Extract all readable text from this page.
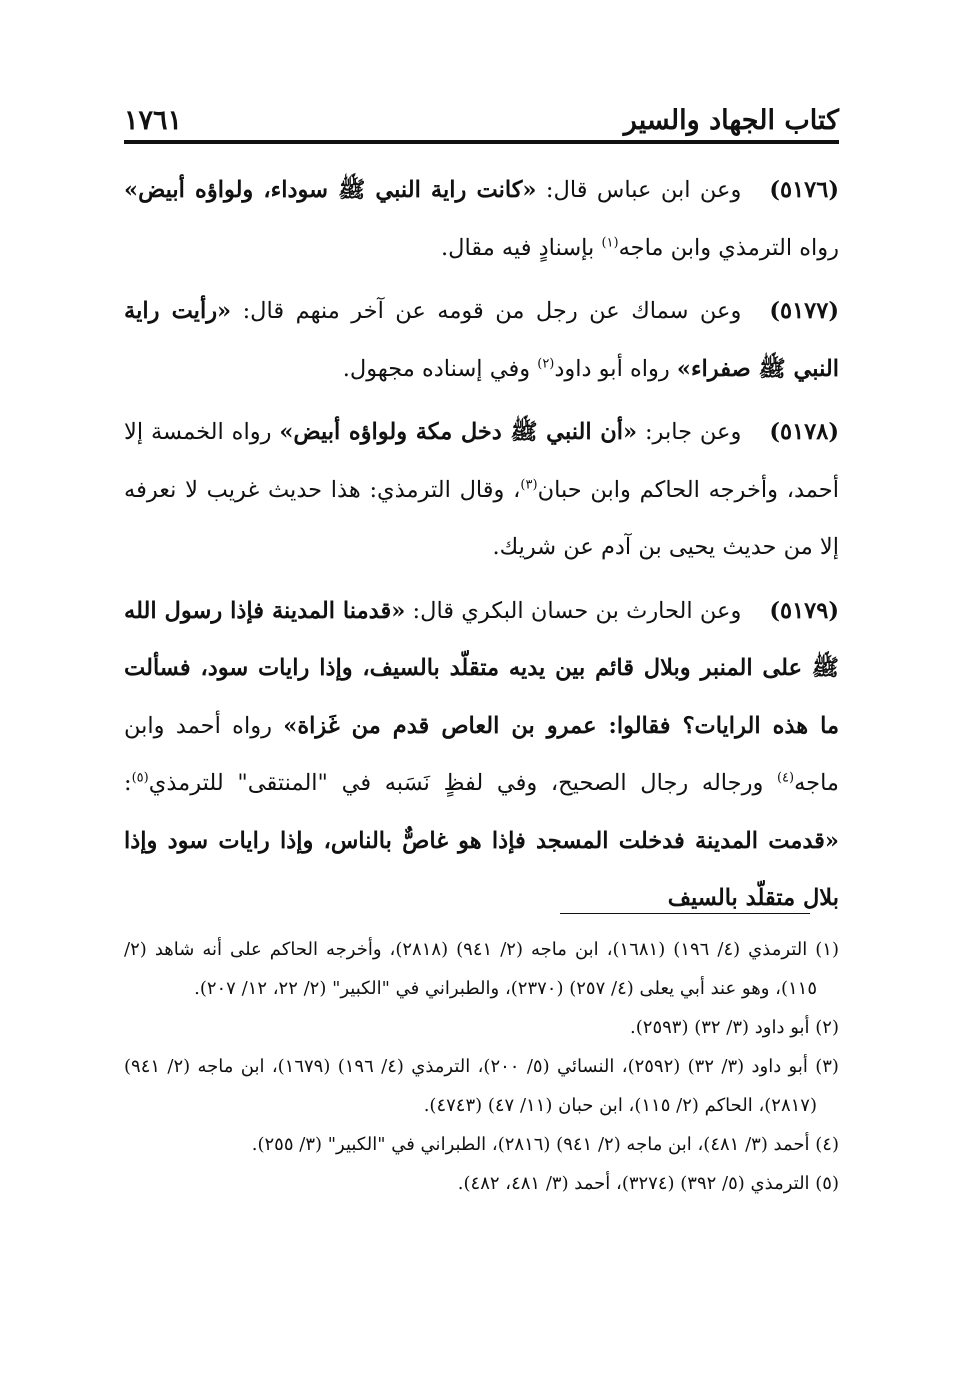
كتاب الجهاد والسير
١٧٦١

(٥١٧٦)وعن ابن عباس قال: «كانت راية النبي ﷺ سوداء، ولواؤه أبيض» رواه الترمذي وابن ماجه$^{(١)}$ بإسنادٍ فيه مقال.

(٥١٧٧)وعن سماك عن رجل من قومه عن آخر منهم قال: «رأيت راية النبي ﷺ صفراء» رواه أبو داود$^{(٢)}$ وفي إسناده مجهول.

(٥١٧٨)وعن جابر: «أن النبي ﷺ دخل مكة ولواؤه أبيض» رواه الخمسة إلا أحمد، وأخرجه الحاكم وابن حبان$^{(٣)}$، وقال الترمذي: هذا حديث غريب لا نعرفه إلا من حديث يحيى بن آدم عن شريك.

(٥١٧٩)وعن الحارث بن حسان البكري قال: «قدمنا المدينة فإذا رسول الله ﷺ على المنبر وبلال قائم بين يديه متقلّد بالسيف، وإذا رايات سود، فسألت ما هذه الرايات؟ فقالوا: عمرو بن العاص قدم من غَزاة» رواه أحمد وابن ماجه$^{(٤)}$ ورجاله رجال الصحيح، وفي لفظٍ نَسَبه في "المنتقى" للترمذي$^{(٥)}$: «قدمت المدينة فدخلت المسجد فإذا هو غاصٌّ بالناس، وإذا رايات سود وإذا بلال متقلّد بالسيف

(١) الترمذي (٤/ ١٩٦) (١٦٨١)، ابن ماجه (٢/ ٩٤١) (٢٨١٨)، وأخرجه الحاكم على أنه شاهد (٢/ ١١٥)، وهو عند أبي يعلى (٤/ ٢٥٧) (٢٣٧٠)، والطبراني في "الكبير" (٢/ ٢٢، ١٢/ ٢٠٧).

(٢) أبو داود (٣/ ٣٢) (٢٥٩٣).

(٣) أبو داود (٣/ ٣٢) (٢٥٩٢)، النسائي (٥/ ٢٠٠)، الترمذي (٤/ ١٩٦) (١٦٧٩)، ابن ماجه (٢/ ٩٤١) (٢٨١٧)، الحاكم (٢/ ١١٥)، ابن حبان (١١/ ٤٧) (٤٧٤٣).

(٤) أحمد (٣/ ٤٨١)، ابن ماجه (٢/ ٩٤١) (٢٨١٦)، الطبراني في "الكبير" (٣/ ٢٥٥).

(٥) الترمذي (٥/ ٣٩٢) (٣٢٧٤)، أحمد (٣/ ٤٨١، ٤٨٢).
